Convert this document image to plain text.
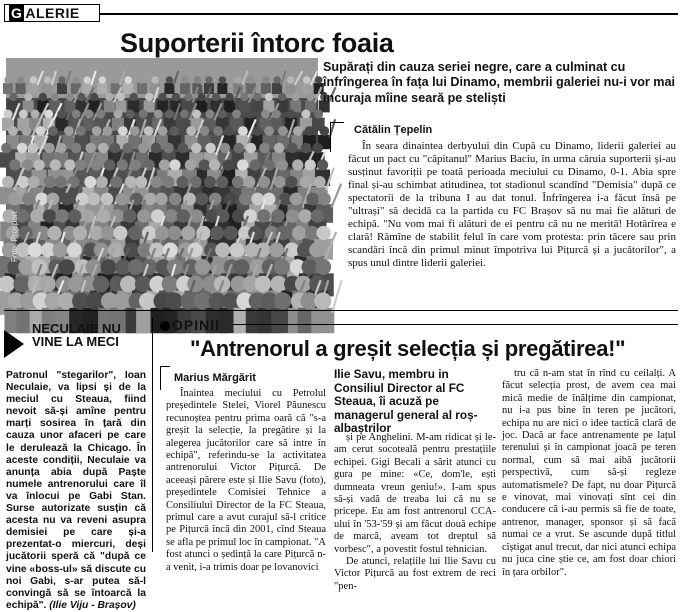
G ALERIE
Suporterii întorc foaia
Foto: Prosport
Supărați din cauza seriei negre, care a culminat cu înfrîngerea în fața lui Dinamo, membrii galeriei nu-i vor mai încuraja mîine seară pe steliști
Cătălin Țepelin

În seara dinaintea derbyului din Cupă cu Dinamo, liderii galeriei au făcut un pact cu "căpitanul" Marius Baciu, în urma căruia suporterii și-au susținut favoriții pe toată perioada meciului cu Dinamo, 0-1. Abia spre final și-au schimbat atitudinea, tot stadionul scandînd "Demisia" după ce spectatorii de la tribuna I au dat tonul. Înfrîngerea i-a făcut însă pe "ultrași" să decidă ca la partida cu FC Brașov să nu mai fie alături de echipă. "Nu vom mai fi alături de ei pentru că nu ne merită! Hotărîrea e clară! Rămîne de stabilit felul în care vom protesta: prin tăcere sau prin scandări încă din primul minut împotriva lui Pițurcă și a jucătorilor", a spus unul dintre liderii galeriei.

NECULAIE NU VINE LA MECI
Patronul "stegarilor", Ioan Neculaie, va lipsi și de la meciul cu Steaua, fiind nevoit să-și amîne pentru marți sosirea în țară din cauza unor afaceri pe care le derulează la Chicago. În aceste condiții, Neculaie va anunța abia după Paște numele antrenorului care îl va înlocui pe Gabi Stan. Surse autorizate susțin că acesta nu va reveni asupra demisiei pe care și-a prezentat-o miercuri, deși jucătorii speră că "după ce vine «boss-ul» să discute cu noi Gabi, s-ar putea să-l convingă să se întoarcă la echipă". (Ilie Viju - Brașov)
OPINII
"Antrenorul a greșit selecția și pregătirea!"
Marius Mărgărit

Înaintea meciului cu Petrolul președintele Stelei, Viorel Păunescu recunoștea pentru prima oară că "s-a greșit la selecție, la pregătire și la alegerea jucătorilor care să intre în echipă", referindu-se la activitatea antrenorului Victor Pițurcă. De aceeași părere este și Ilie Savu (foto), președintele Comisiei Tehnice a Consiliului Director de la FC Steaua, primul care a avut curajul să-l critice pe Pițurcă încă din 2001, cînd Steaua se afla pe primul loc în campionat. "A fost atunci o ședință la care Pițurcă n-a venit, i-a trimis doar pe lovanovici

Ilie Savu, membru in Consiliul Director al FC Steaua, îi acuză pe managerul general al roș-albaștrilor

și pe Anghelini. M-am ridicat și le-am cerut socoteală pentru prestațiile echipei. Gigi Becali a sărit atunci cu gura pe mine: «Ce, dom'le, ești dumneata vreun geniu!». I-am spus să-și vadă de treaba lui că nu se pricepe. Eu am fost antrenorul CCA-ului în '53-'59 și am făcut două echipe de marcă, aveam tot dreptul să vorbesc", a povestit fostul tehnician.

De atunci, relațiile lui Ilie Savu cu Victor Pițurcă au fost extrem de reci "pen-

tru că n-am stat în rînd cu ceilalți. A făcut selecția prost, de avem cea mai mică medie de înălțime din campionat, nu i-a pus bine în teren pe jucători, echipa nu are nici o idee tactică clară de joc. Dacă ar face antrenamente pe lațul terenului și în campionat joacă pe teren normal, cum să mai aibă jucătorii perspectivă, cum să-și regleze automatismele? De fapt, nu doar Pițurcă e vinovat, mai vinovați sînt cei din conducere că i-au permis să fie de toate, antrenor, manager, sponsor și să facă numai ce a vrut. Se ascunde după titlul cîștigat anul trecut, dar nici atunci echipa nu juca cine știe ce, am fost doar chiori în țara orbilor".
